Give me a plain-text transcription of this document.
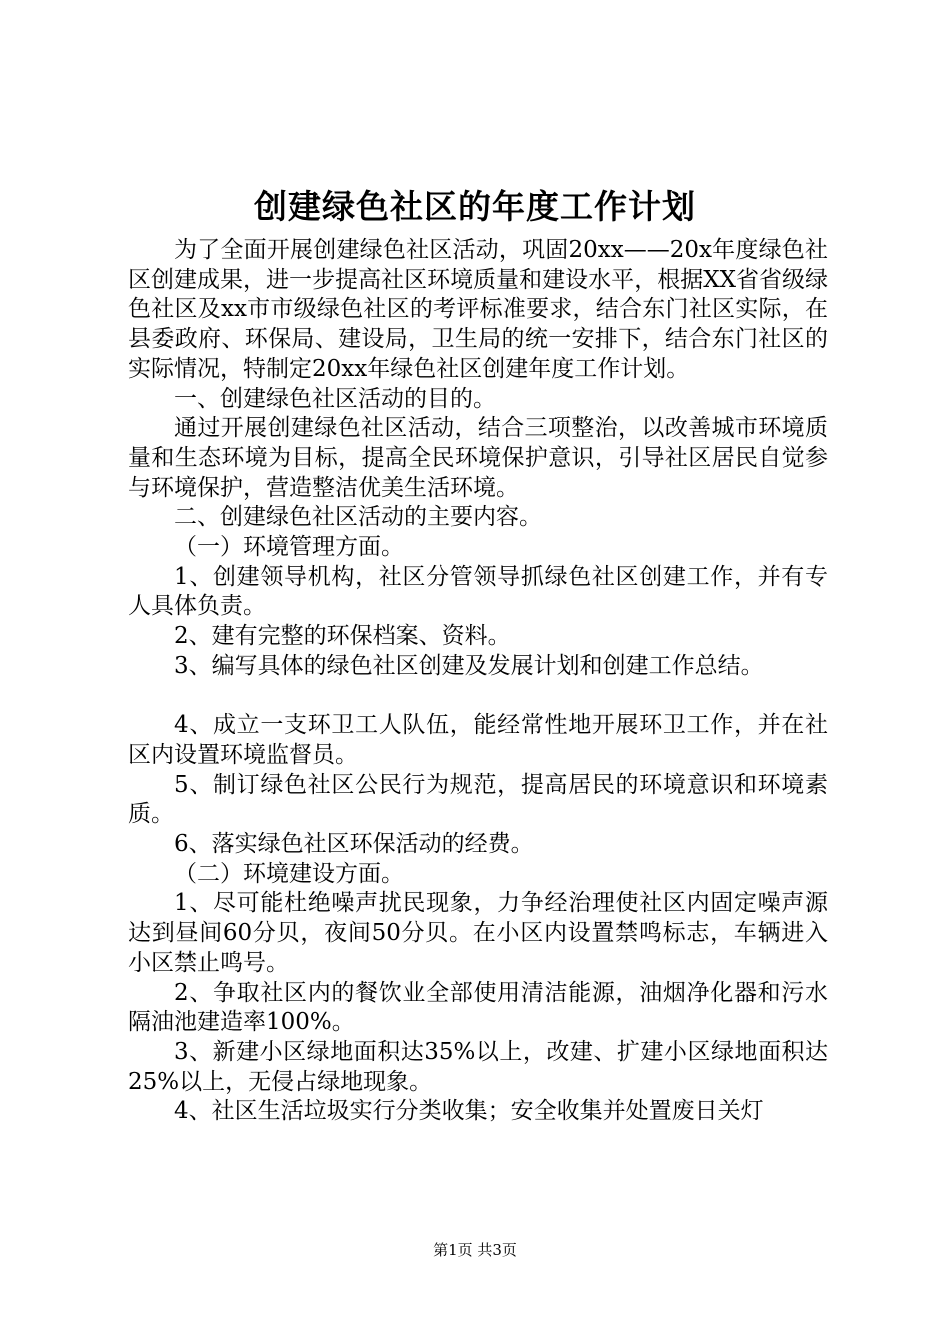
创建绿色社区的年度工作计划

为了全面开展创建绿色社区活动，巩固20xx——20x年度绿色社区创建成果，进一步提高社区环境质量和建设水平，根据XX省省级绿色社区及xx市市级绿色社区的考评标准要求，结合东门社区实际，在县委政府、环保局、建设局，卫生局的统一安排下，结合东门社区的实际情况，特制定20xx年绿色社区创建年度工作计划。

一、创建绿色社区活动的目的。

通过开展创建绿色社区活动，结合三项整治，以改善城市环境质量和生态环境为目标，提高全民环境保护意识，引导社区居民自觉参与环境保护，营造整洁优美生活环境。

二、创建绿色社区活动的主要内容。

（一）环境管理方面。

1、创建领导机构，社区分管领导抓绿色社区创建工作，并有专人具体负责。

2、建有完整的环保档案、资料。

3、编写具体的绿色社区创建及发展计划和创建工作总结。

4、成立一支环卫工人队伍，能经常性地开展环卫工作，并在社区内设置环境监督员。

5、制订绿色社区公民行为规范，提高居民的环境意识和环境素质。

6、落实绿色社区环保活动的经费。

（二）环境建设方面。

1、尽可能杜绝噪声扰民现象，力争经治理使社区内固定噪声源达到昼间60分贝，夜间50分贝。在小区内设置禁鸣标志，车辆进入小区禁止鸣号。

2、争取社区内的餐饮业全部使用清洁能源，油烟净化器和污水隔油池建造率100%。

3、新建小区绿地面积达35%以上，改建、扩建小区绿地面积达25%以上，无侵占绿地现象。

4、社区生活垃圾实行分类收集；安全收集并处置废日关灯

第1页 共3页
